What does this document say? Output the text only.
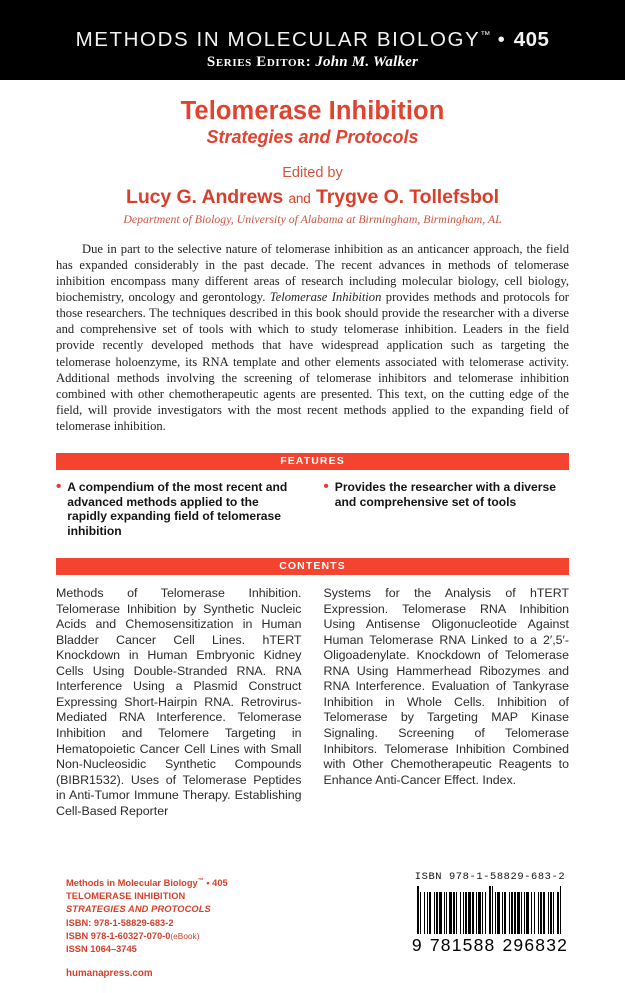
METHODS IN MOLECULAR BIOLOGY™ • 405
Series Editor: John M. Walker
Telomerase Inhibition
Strategies and Protocols
Edited by
Lucy G. Andrews and Trygve O. Tollefsbol
Department of Biology, University of Alabama at Birmingham, Birmingham, AL
Due in part to the selective nature of telomerase inhibition as an anticancer approach, the field has expanded considerably in the past decade. The recent advances in methods of telomerase inhibition encompass many different areas of research including molecular biology, cell biology, biochemistry, oncology and gerontology. Telomerase Inhibition provides methods and protocols for those researchers. The techniques described in this book should provide the researcher with a diverse and comprehensive set of tools with which to study telomerase inhibition. Leaders in the field provide recently developed methods that have widespread application such as targeting the telomerase holoenzyme, its RNA template and other elements associated with telomerase activity. Additional methods involving the screening of telomerase inhibitors and telomerase inhibition combined with other chemotherapeutic agents are presented. This text, on the cutting edge of the field, will provide investigators with the most recent methods applied to the expanding field of telomerase inhibition.
FEATURES
• A compendium of the most recent and advanced methods applied to the rapidly expanding field of telomerase inhibition
• Provides the researcher with a diverse and comprehensive set of tools
CONTENTS
Methods of Telomerase Inhibition. Telomerase Inhibition by Synthetic Nucleic Acids and Chemosensitization in Human Bladder Cancer Cell Lines. hTERT Knockdown in Human Embryonic Kidney Cells Using Double-Stranded RNA. RNA Interference Using a Plasmid Construct Expressing Short-Hairpin RNA. Retrovirus-Mediated RNA Interference. Telomerase Inhibition and Telomere Targeting in Hematopoietic Cancer Cell Lines with Small Non-Nucleosidic Synthetic Compounds (BIBR1532). Uses of Telomerase Peptides in Anti-Tumor Immune Therapy. Establishing Cell-Based Reporter
Systems for the Analysis of hTERT Expression. Telomerase RNA Inhibition Using Antisense Oligonucleotide Against Human Telomerase RNA Linked to a 2′,5′-Oligoadenylate. Knockdown of Telomerase RNA Using Hammerhead Ribozymes and RNA Interference. Evaluation of Tankyrase Inhibition in Whole Cells. Inhibition of Telomerase by Targeting MAP Kinase Signaling. Screening of Telomerase Inhibitors. Telomerase Inhibition Combined with Other Chemotherapeutic Reagents to Enhance Anti-Cancer Effect. Index.
Methods in Molecular Biology™ • 405
TELOMERASE INHIBITION
STRATEGIES AND PROTOCOLS
ISBN: 978-1-58829-683-2
ISBN 978-1-60327-070-0(eBook)
ISSN 1064–3745
humanapress.com
ISBN 978-1-58829-683-2
9 781588 296832
